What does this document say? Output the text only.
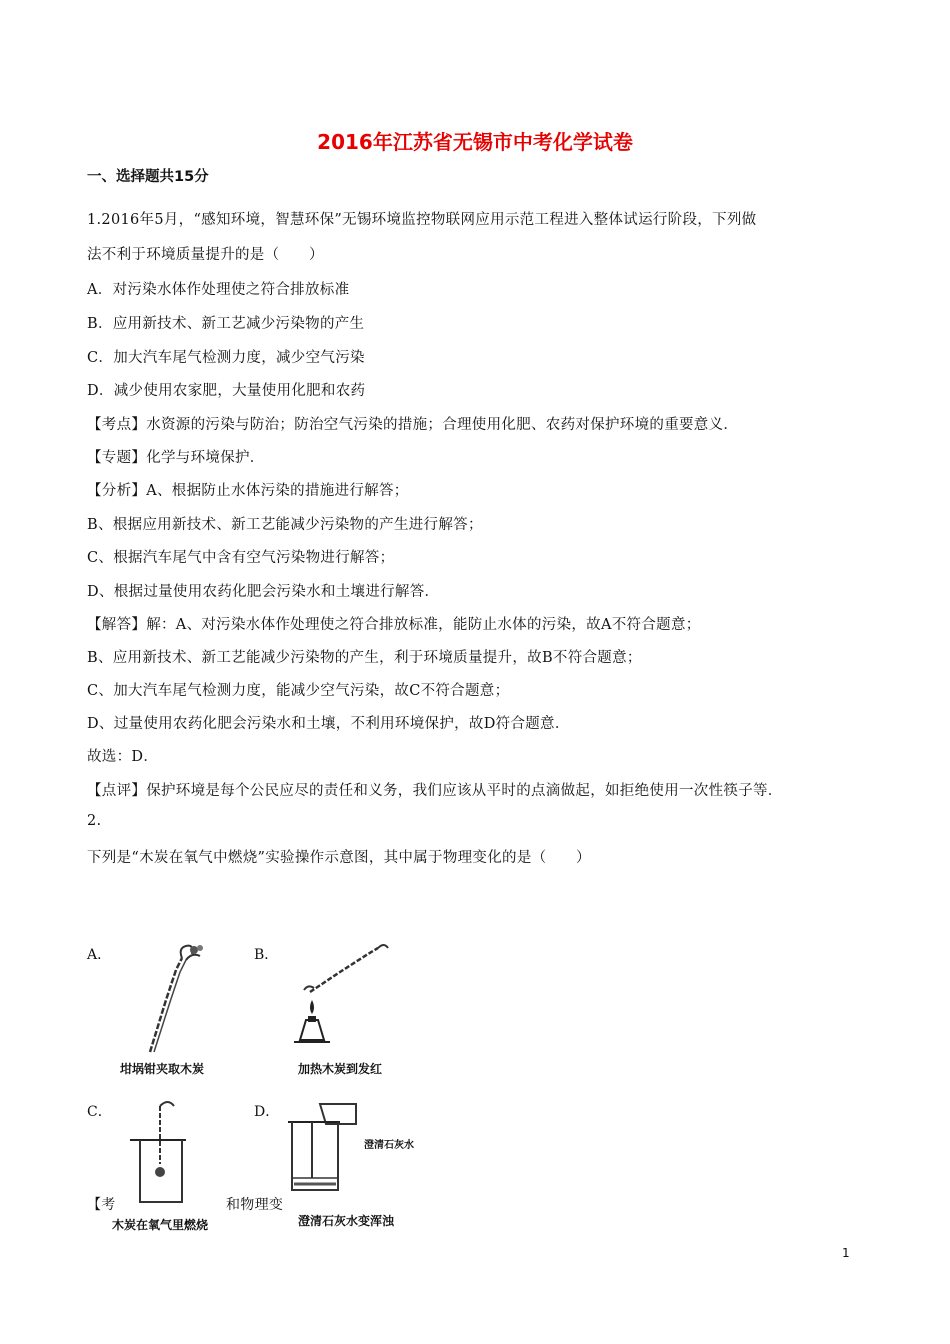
2016年江苏省无锡市中考化学试卷
一、选择题共15分
1.2016年5月，“感知环境，智慧环保”无锡环境监控物联网应用示范工程进入整体试运行阶段，下列做
法不利于环境质量提升的是（　　）
A．对污染水体作处理使之符合排放标准
B．应用新技术、新工艺减少污染物的产生
C．加大汽车尾气检测力度，减少空气污染
D．减少使用农家肥，大量使用化肥和农药
【考点】水资源的污染与防治；防治空气污染的措施；合理使用化肥、农药对保护环境的重要意义．
【专题】化学与环境保护．
【分析】A、根据防止水体污染的措施进行解答；
B、根据应用新技术、新工艺能减少污染物的产生进行解答；
C、根据汽车尾气中含有空气污染物进行解答；
D、根据过量使用农药化肥会污染水和土壤进行解答．
【解答】解：A、对污染水体作处理使之符合排放标准，能防止水体的污染，故A不符合题意；
B、应用新技术、新工艺能减少污染物的产生，利于环境质量提升，故B不符合题意；
C、加大汽车尾气检测力度，能减少空气污染，故C不符合题意；
D、过量使用农药化肥会污染水和土壤，不利用环境保护，故D符合题意．
故选：D．
【点评】保护环境是每个公民应尽的责任和义务，我们应该从平时的点滴做起，如拒绝使用一次性筷子等．
2.
下列是“木炭在氧气中燃烧”实验操作示意图，其中属于物理变化的是（　　）
A．	B．
C．	D．
坩埚钳夹取木炭	加热木炭到发红
木炭在氧气里燃烧
澄清石灰水
澄清石灰水变浑浊
【考	和物理变
1
